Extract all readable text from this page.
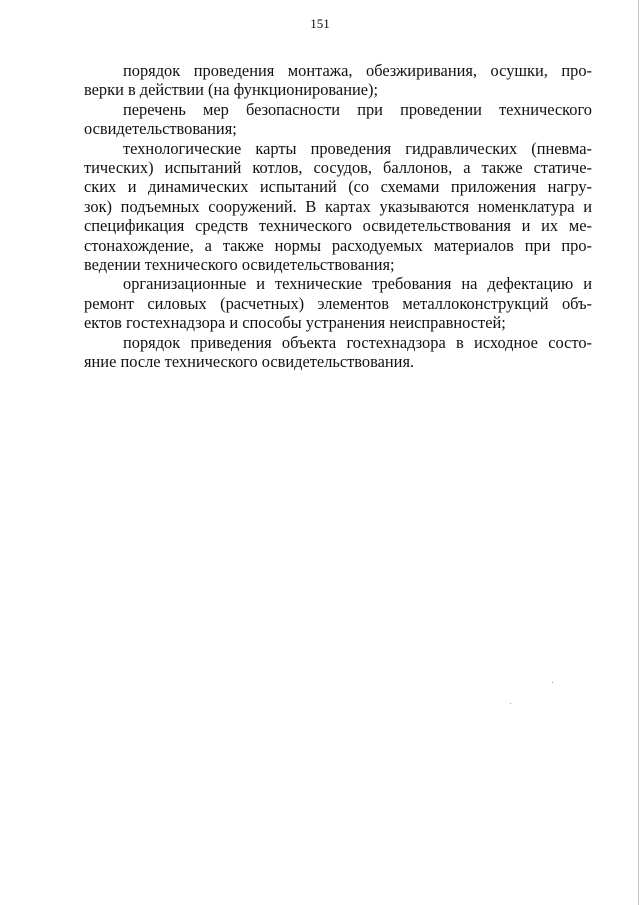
151

порядок проведения монтажа, обезжиривания, осушки, про-
верки в действии (на функционирование);

перечень мер безопасности при проведении технического
освидетельствования;

технологические карты проведения гидравлических (пневма-
тических) испытаний котлов, сосудов, баллонов, а также статиче-
ских и динамических испытаний (со схемами приложения нагру-
зок) подъемных сооружений. В картах указываются номенклатура и
спецификация средств технического освидетельствования и их ме-
стонахождение, а также нормы расходуемых материалов при про-
ведении технического освидетельствования;

организационные и технические требования на дефектацию и
ремонт силовых (расчетных) элементов металлоконструкций объ-
ектов гостехнадзора и способы устранения неисправностей;

порядок приведения объекта гостехнадзора в исходное состо-
яние после технического освидетельствования.
